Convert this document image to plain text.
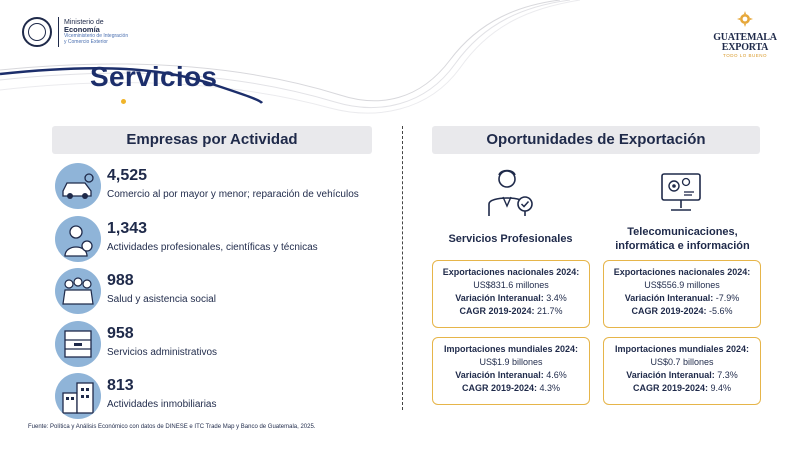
Ministerio de
Economía
Viceministerio de Integración
y Comercio Exterior	GUATEMALA
EXPORTA
TODO LO BUENO
Servicios
Empresas por Actividad	Oportunidades de Exportación
4,525
Comercio al por mayor y menor; reparación de vehículos
1,343
Actividades profesionales, científicas y técnicas
988
Salud y asistencia social
958
Servicios administrativos
813
Actividades inmobiliarias
Servicios Profesionales
Exportaciones nacionales 2024:
US$831.6 millones
Variación Interanual: 3.4%
CAGR 2019-2024: 21.7%
Importaciones mundiales 2024:
US$1.9 billones
Variación Interanual: 4.6%
CAGR 2019-2024: 4.3%
Telecomunicaciones,
informática e información
Exportaciones nacionales 2024:
US$556.9 millones
Variación Interanual: -7.9%
CAGR 2019-2024: -5.6%
Importaciones mundiales 2024:
US$0.7 billones
Variación Interanual: 7.3%
CAGR 2019-2024: 9.4%
Fuente: Política y Análisis Económico con datos de DINESE e ITC Trade Map y Banco de Guatemala, 2025.
